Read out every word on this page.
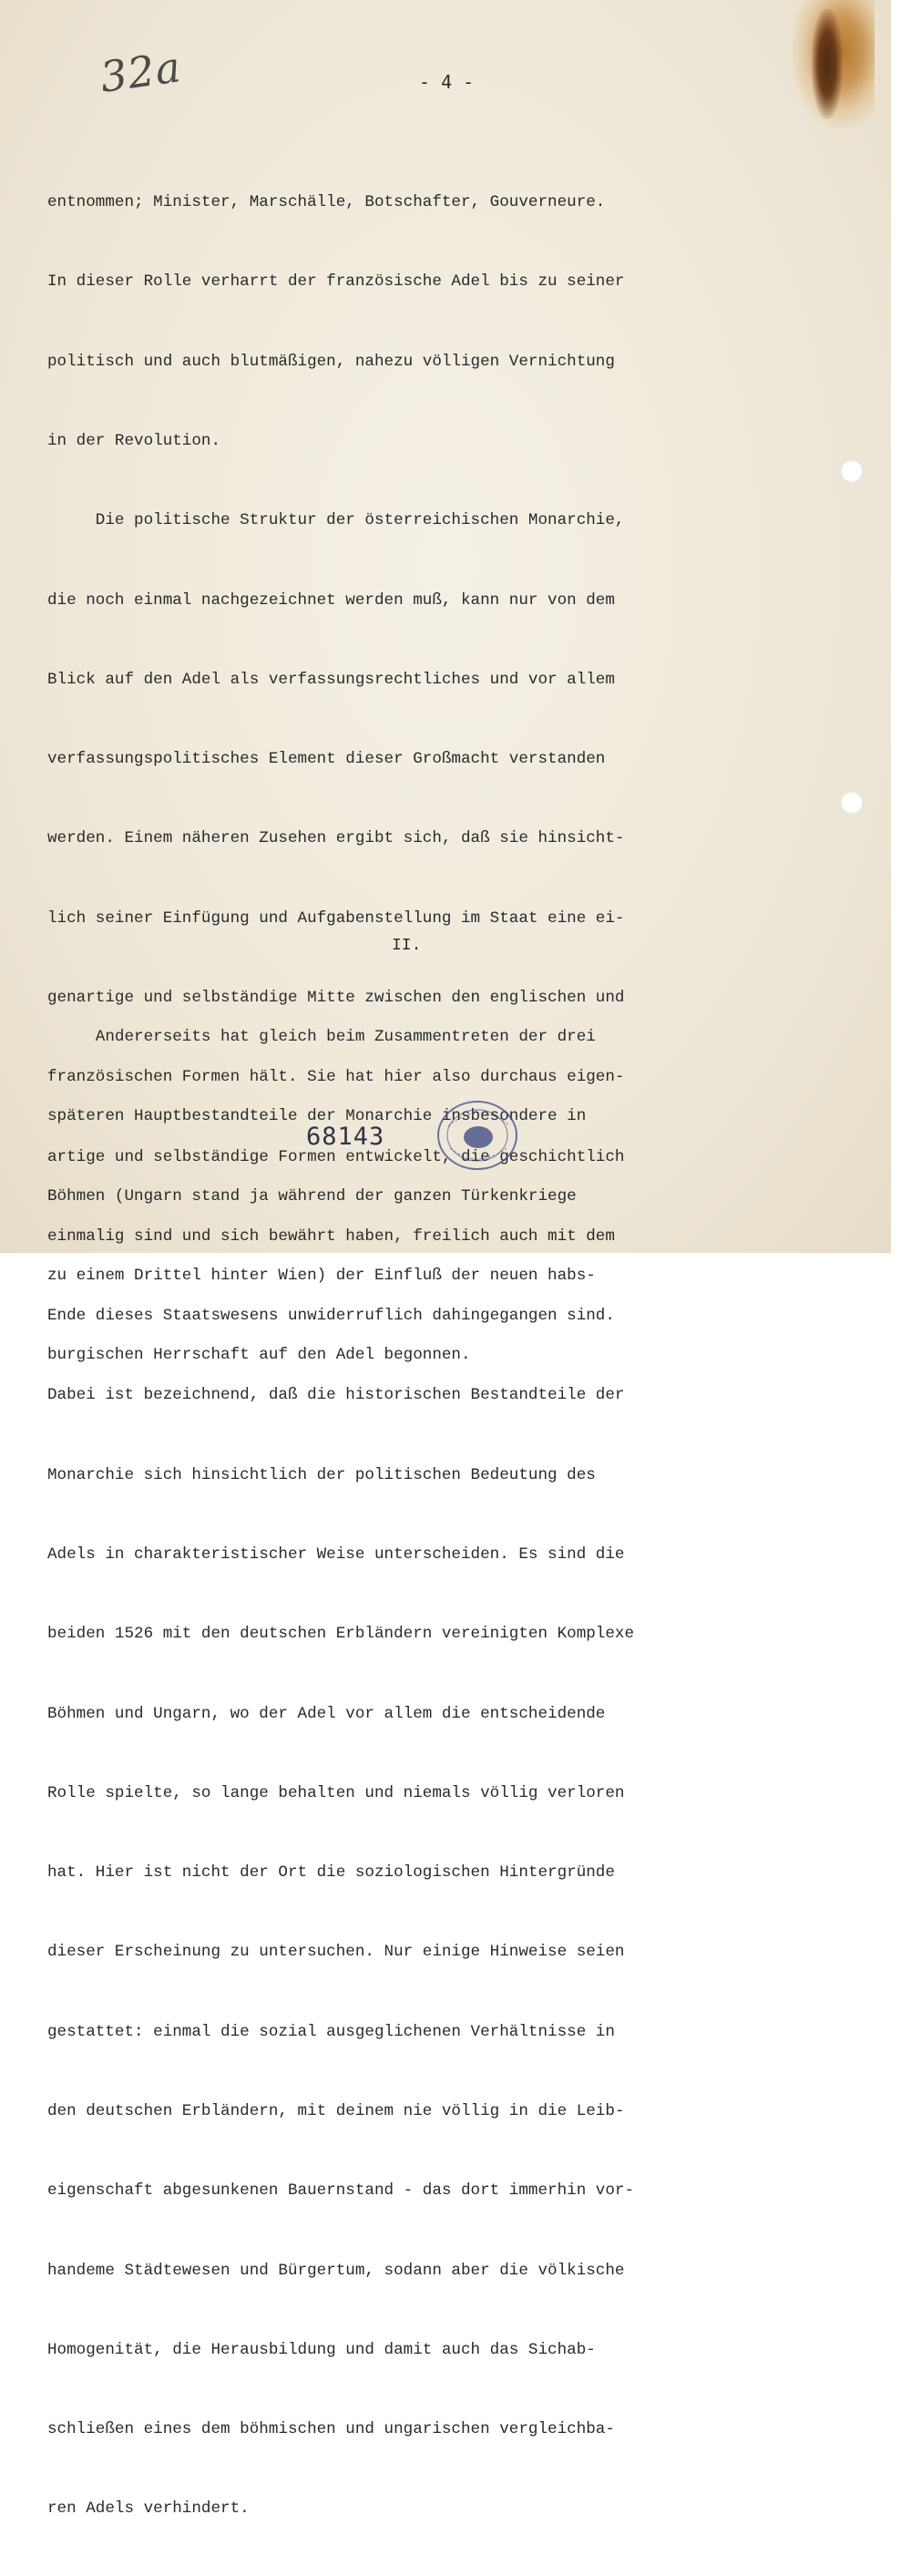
32a	- 4 -

entnommen; Minister, Marschälle, Botschafter, Gouverneure.

In dieser Rolle verharrt der französische Adel bis zu seiner

politisch und auch blutmäßigen, nahezu völligen Vernichtung

in der Revolution.

Die politische Struktur der österreichischen Monarchie,

die noch einmal nachgezeichnet werden muß, kann nur von dem

Blick auf den Adel als verfassungsrechtliches und vor allem

verfassungspolitisches Element dieser Großmacht verstanden

werden. Einem näheren Zusehen ergibt sich, daß sie hinsicht-

lich seiner Einfügung und Aufgabenstellung im Staat eine ei-

genartige und selbständige Mitte zwischen den englischen und

französischen Formen hält. Sie hat hier also durchaus eigen-

artige und selbständige Formen entwickelt, die geschichtlich

einmalig sind und sich bewährt haben, freilich auch mit dem

Ende dieses Staatswesens unwiderruflich dahingegangen sind.

Dabei ist bezeichnend, daß die historischen Bestandteile der

Monarchie sich hinsichtlich der politischen Bedeutung des

Adels in charakteristischer Weise unterscheiden. Es sind die

beiden 1526 mit den deutschen Erbländern vereinigten Komplexe

Böhmen und Ungarn, wo der Adel vor allem die entscheidende

Rolle spielte, so lange behalten und niemals völlig verloren

hat. Hier ist nicht der Ort die soziologischen Hintergründe

dieser Erscheinung zu untersuchen. Nur einige Hinweise seien

gestattet: einmal die sozial ausgeglichenen Verhältnisse in

den deutschen Erbländern, mit deinem nie völlig in die Leib-

eigenschaft abgesunkenen Bauernstand - das dort immerhin vor-

handeme Städtewesen und Bürgertum, sodann aber die völkische

Homogenität, die Herausbildung und damit auch das Sichab-

schließen eines dem böhmischen und ungarischen vergleichba-

ren Adels verhindert.

II.

Andererseits hat gleich beim Zusammentreten der drei

späteren Hauptbestandteile der Monarchie insbesondere in

Böhmen (Ungarn stand ja während der ganzen Türkenkriege

zu einem Drittel hinter Wien) der Einfluß der neuen habs-

burgischen Herrschaft auf den Adel begonnen.

68143
